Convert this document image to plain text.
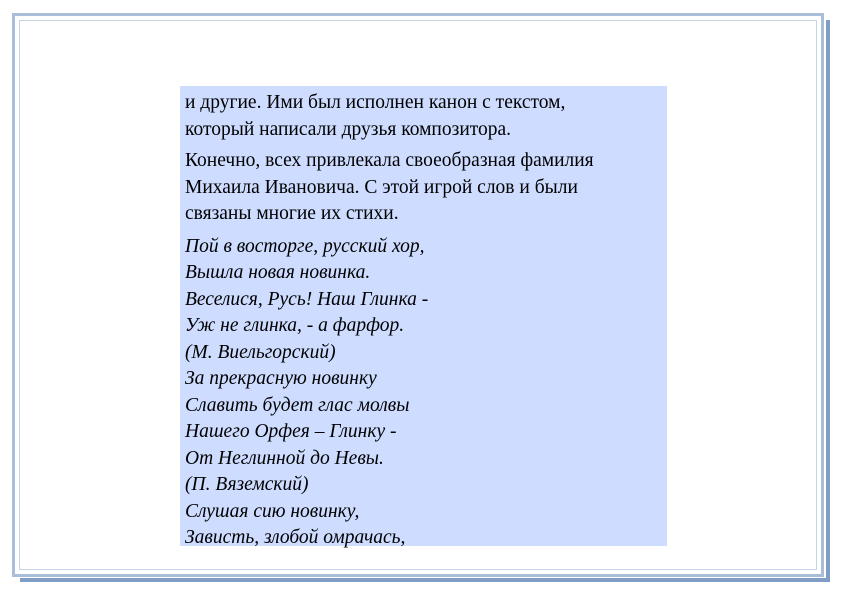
и другие. Ими был исполнен канон с текстом,
который написали друзья композитора.

Конечно, всех привлекала своеобразная фамилия
Михаила Ивановича. С этой игрой слов и были
связаны многие их стихи.

Пой в восторге, русский хор,
Вышла новая новинка.
Веселися, Русь! Наш Глинка -
Уж не глинка, - а фарфор.
(М. Виельгорский)
За прекрасную новинку
Славить будет глас молвы
Нашего Орфея – Глинку -
От Неглинной до Невы.
(П. Вяземский)
Слушая сию новинку,
Зависть, злобой омрачась,
